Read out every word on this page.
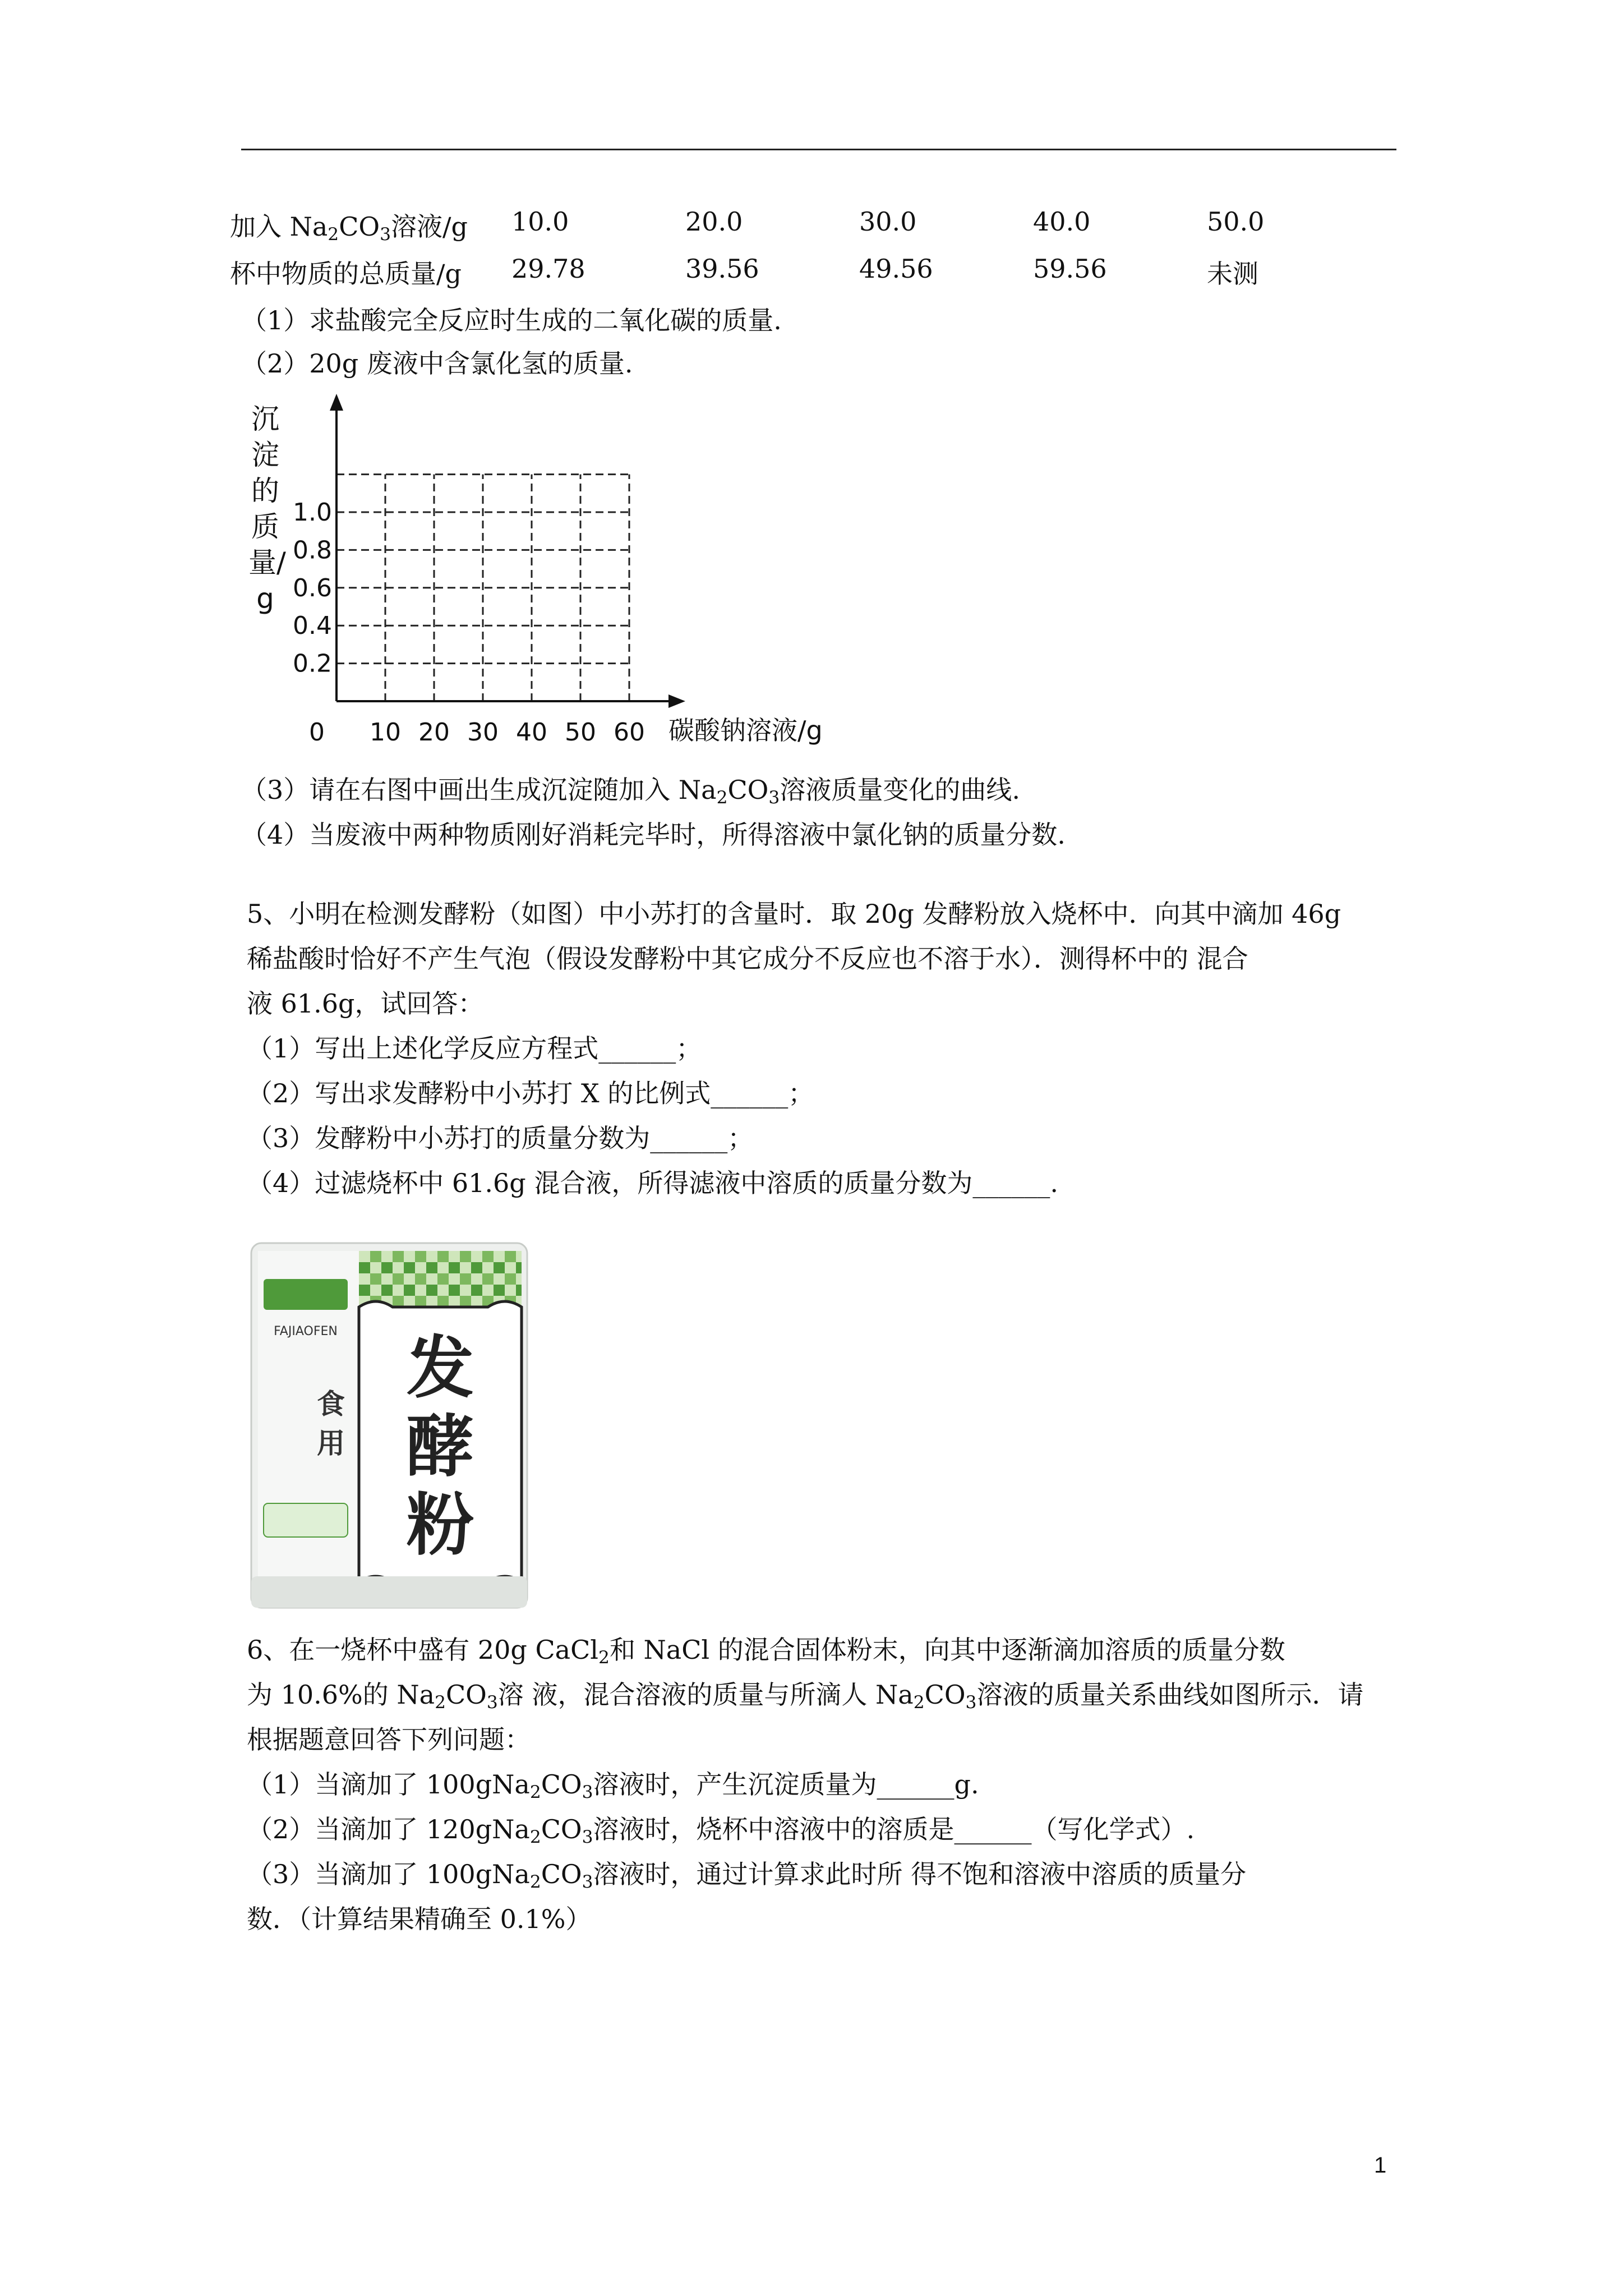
加入 $Na_2CO_3$溶液/g 10.0	20.0	30.0	40.0	50.0
杯中物质的总质量/g 29.78	39.56	49.56	59.56	未测
（1）求盐酸完全反应时生成的二氧化碳的质量.
（2）20g 废液中含氯化氢的质量.
沉淀的质量/g
0 10 20 30 40 50 60
0.2
0.4
0.6
0.8
1.0
碳酸钠溶液/g
（3）请在右图中画出生成沉淀随加入 $Na_2CO_3$溶液质量变化的曲线.
（4）当废液中两种物质刚好消耗完毕时，所得溶液中氯化钠的质量分数.
5、小明在检测发酵粉（如图）中小苏打的含量时．取 20g 发酵粉放入烧杯中．向其中滴加 46g
稀盐酸时恰好不产生气泡（假设发酵粉中其它成分不反应也不溶于水）．测得杯中的 混合
液 61.6g，试回答：
（1）写出上述化学反应方程式______；
（2）写出求发酵粉中小苏打 X 的比例式______；
（3）发酵粉中小苏打的质量分数为______；
（4）过滤烧杯中 61.6g 混合液，所得滤液中溶质的质量分数为______.
FAJIAOFEN 发
酵
粉
食
用
6、在一烧杯中盛有 20g CaCl$_2$和 NaCl 的混合固体粉末，向其中逐渐滴加溶质的质量分数
为 10.6%的 $Na_2CO_3$溶 液，混合溶液的质量与所滴人 $Na_2CO_3$溶液的质量关系曲线如图所示．请
根据题意回答下列问题：
（1）当滴加了 $100gNa_2CO_3$溶液时，产生沉淀质量为______g.
（2）当滴加了 $120gNa_2CO_3$溶液时，烧杯中溶液中的溶质是______（写化学式）.
（3）当滴加了 $100gNa_2CO_3$溶液时，通过计算求此时所 得不饱和溶液中溶质的质量分
数．（计算结果精确至 0.1%）
1
